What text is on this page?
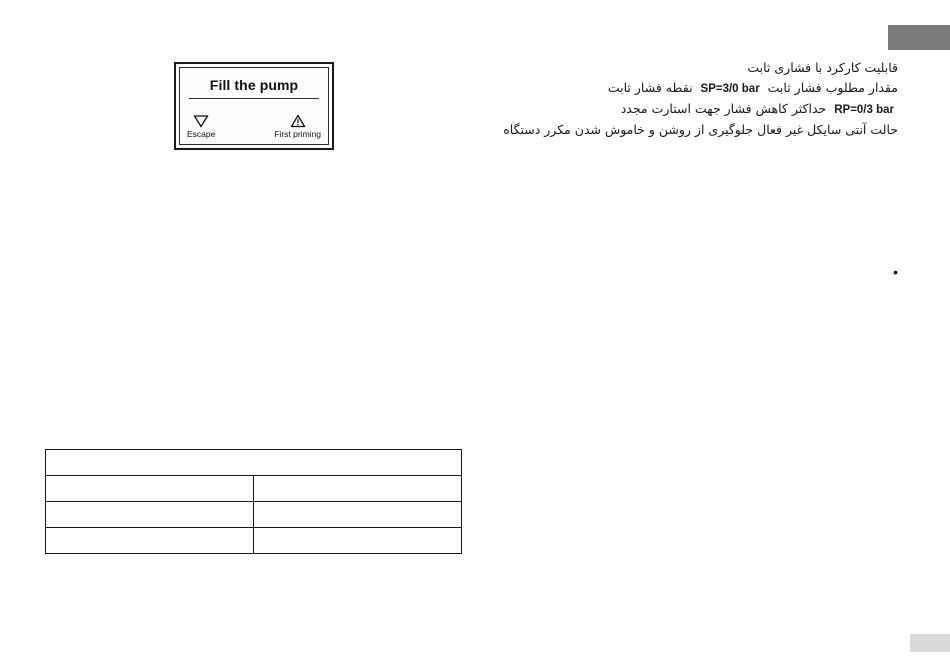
Fill the pump
Escape	First priming
قابلیت کارکرد با فشاری ثابت
مقدار مطلوب فشار ثابت SP=3/0 bar نقطه فشار ثابت
RP=0/3 bar حداکثر کاهش فشار جهت استارت مجدد
حالت آنتی سایکل غیر فعال جلوگیری از روشن و خاموش شدن مکرر دستگاه
•
